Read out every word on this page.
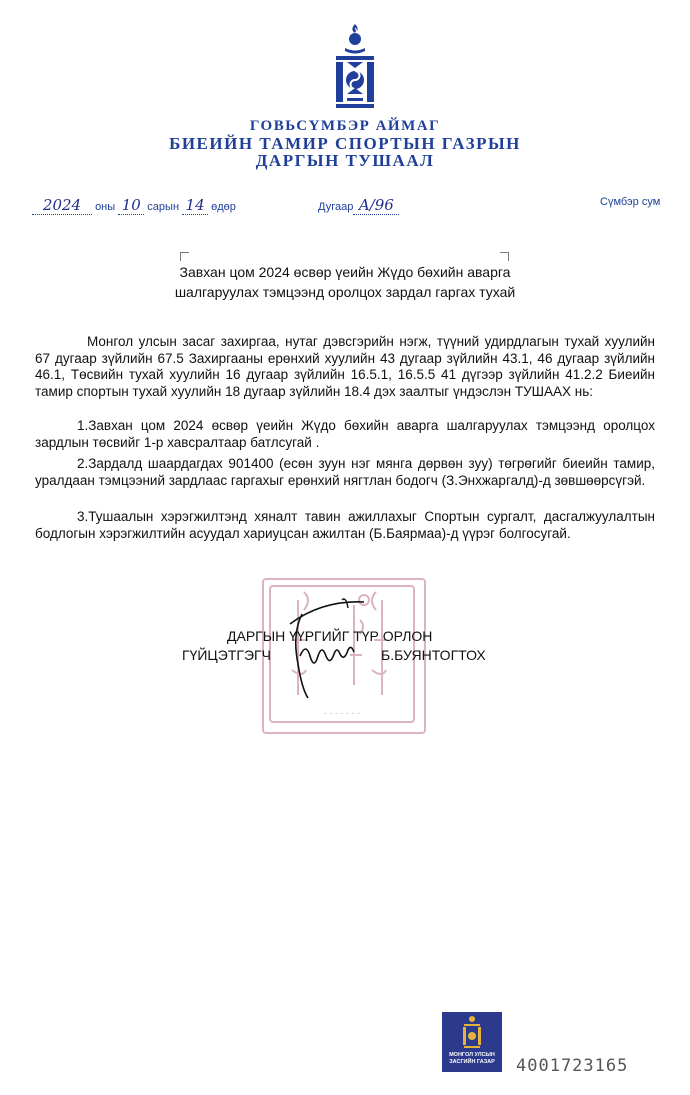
ГОВЬСҮМБЭР АЙМАГ
БИЕИЙН ТАМИР СПОРТЫН ГАЗРЫН
ДАРГЫН ТУШААЛ
2024 оны 10 сарын 14 өдөр	Дугаар A/96	Сүмбэр сум
Завхан цом 2024 өсвөр үеийн Жүдо бөхийн аварга
шалгаруулах тэмцээнд оролцох зардал гаргах тухай
Монгол улсын засаг захиргаа, нутаг дэвсгэрийн нэгж, түүний удирдлагын тухай хуулийн 67 дугаар зүйлийн 67.5 Захиргааны ерөнхий хуулийн 43 дугаар зүйлийн 43.1, 46 дугаар зүйлийн 46.1, Төсвийн тухай хуулийн 16 дугаар зүйлийн 16.5.1, 16.5.5 41 дүгээр зүйлийн 41.2.2 Биеийн тамир спортын тухай хуулийн 18 дугаар зүйлийн 18.4 дэх заалтыг үндэслэн ТУШААХ нь:
1.Завхан цом 2024 өсвөр үеийн Жүдо бөхийн аварга шалгаруулах тэмцээнд оролцох зардлын төсвийг 1-р хавсралтаар батлсугай .
2.Зардалд шаардагдах 901400 (есөн зуун нэг мянга дөрвөн зуу) төгрөгийг биеийн тамир, уралдаан тэмцээний зардлаас гаргахыг ерөнхий нягтлан бодогч (З.Энхжаргалд)-д зөвшөөрсүгэй.
3.Тушаалын хэрэгжилтэнд хяналт тавин ажиллахыг Спортын сургалт, дасгалжуулалтын бодлогын хэрэгжилтийн асуудал хариуцсан ажилтан (Б.Баярмаа)-д үүрэг болгосугай.
- - - - - - -
ДАРГЫН ҮҮРГИЙГ ТҮР ОРЛОН
ГҮЙЦЭТГЭГЧ	Б.БУЯНТОГТОХ
МОНГОЛ УЛСЫН
ЗАСГИЙН ГАЗАР	4001723165
